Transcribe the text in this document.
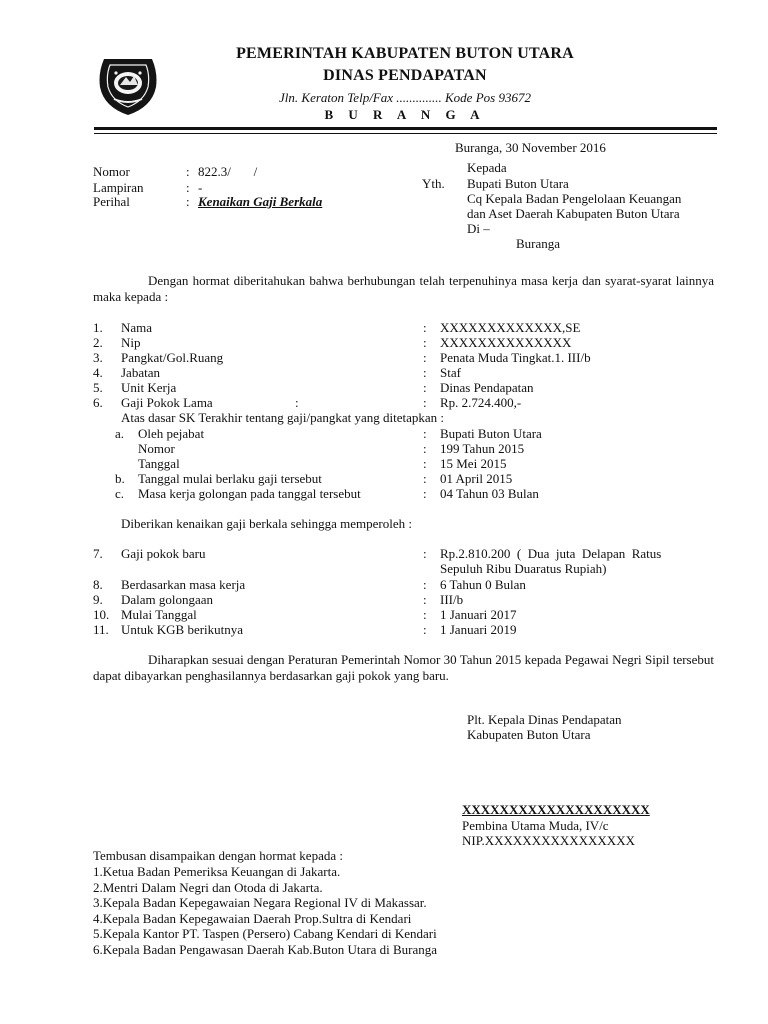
PEMERINTAH KABUPATEN BUTON UTARA
DINAS PENDAPATAN
Jln. Keraton Telp/Fax .............. Kode Pos 93672
B U R A N G A
Buranga, 30 November 2016
Nomor	: 822.3/       /
Lampiran	: -
Perihal	: Kenaikan Gaji Berkala
Kepada
Yth. Bupati Buton Utara
Cq Kepala Badan Pengelolaan Keuangan
dan Aset Daerah Kabupaten Buton Utara
Di –
Buranga
Dengan hormat diberitahukan bahwa berhubungan telah terpenuhinya masa kerja dan syarat-syarat lainnya maka kepada :
1. Nama	: XXXXXXXXXXXXX,SE
2. Nip	: XXXXXXXXXXXXXX
3. Pangkat/Gol.Ruang	: Penata Muda Tingkat.1. III/b
4. Jabatan	: Staf
5. Unit Kerja	: Dinas Pendapatan
6. Gaji Pokok Lama	:	: Rp. 2.724.400,-
Atas dasar SK Terakhir tentang gaji/pangkat yang ditetapkan :
a. Oleh pejabat	: Bupati Buton Utara
Nomor	: 199 Tahun 2015
Tanggal	: 15 Mei 2015
b. Tanggal mulai berlaku gaji tersebut	: 01 April 2015
c. Masa kerja golongan pada tanggal tersebut	: 04 Tahun 03 Bulan
Diberikan kenaikan gaji berkala sehingga memperoleh :
7. Gaji pokok baru	: Rp.2.810.200  (  Dua  juta  Delapan  Ratus
Sepuluh Ribu Duaratus Rupiah)
8. Berdasarkan masa kerja	: 6 Tahun 0 Bulan
9. Dalam golongaan	: III/b
10. Mulai Tanggal	: 1 Januari 2017
11. Untuk KGB berikutnya	: 1 Januari 2019
Diharapkan sesuai dengan Peraturan Pemerintah Nomor 30 Tahun 2015 kepada Pegawai Negri Sipil tersebut dapat dibayarkan penghasilannya berdasarkan gaji pokok yang baru.
Plt. Kepala Dinas Pendapatan
Kabupaten Buton Utara
XXXXXXXXXXXXXXXXXXXX
Pembina Utama Muda, IV/c
NIP.XXXXXXXXXXXXXXXX
Tembusan disampaikan dengan hormat kepada :
1.Ketua Badan Pemeriksa Keuangan di Jakarta.
2.Mentri Dalam Negri dan Otoda di Jakarta.
3.Kepala Badan Kepegawaian Negara Regional IV di Makassar.
4.Kepala Badan Kepegawaian Daerah Prop.Sultra di Kendari
5.Kepala Kantor PT. Taspen (Persero) Cabang Kendari di Kendari
6.Kepala Badan Pengawasan Daerah Kab.Buton Utara di Buranga
